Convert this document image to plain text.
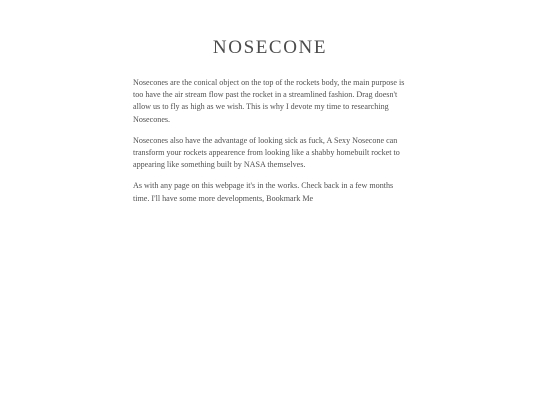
NOSECONE

Nosecones are the conical object on the top of the rockets body, the main purpose is too have the air stream flow past the rocket in a streamlined fashion. Drag doesn't allow us to fly as high as we wish. This is why I devote my time to researching Nosecones.

Nosecones also have the advantage of looking sick as fuck, A Sexy Nosecone can transform your rockets appearence from looking like a shabby homebuilt rocket to appearing like something built by NASA themselves.

As with any page on this webpage it's in the works. Check back in a few months time. I'll have some more developments, Bookmark Me
